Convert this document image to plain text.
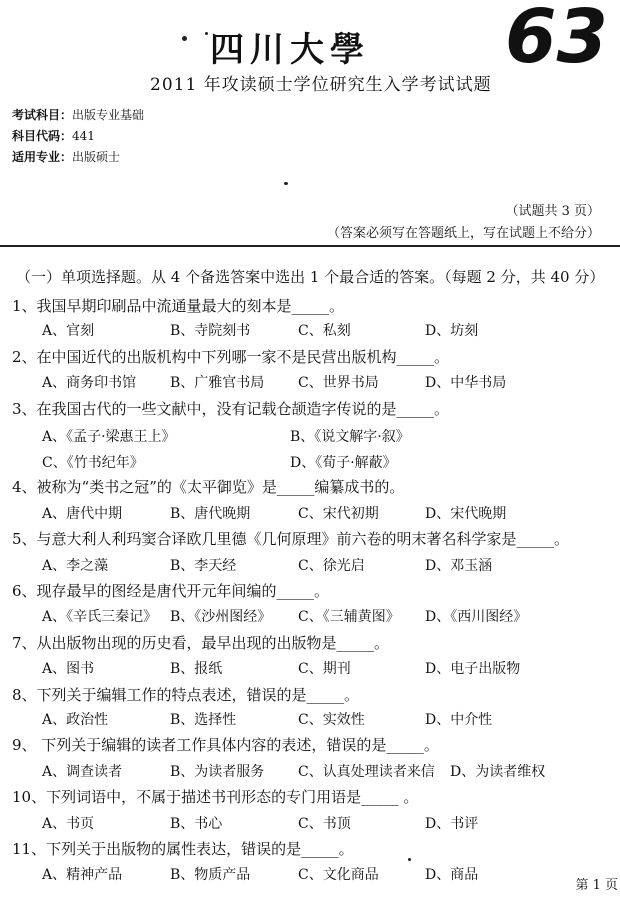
四川大學 63
2011 年攻读硕士学位研究生入学考试试题
考试科目：出版专业基础
科目代码：441
适用专业：出版硕士
（试题共 3 页）
（答案必须写在答题纸上，写在试题上不给分）
（一）单项选择题。从 4 个备选答案中选出 1 个最合适的答案。（每题 2 分，共 40 分）
1、我国早期印刷品中流通量最大的刻本是_____。
A、官刻	B、寺院刻书	C、私刻	D、坊刻
2、在中国近代的出版机构中下列哪一家不是民营出版机构_____。
A、商务印书馆 B、广雅官书局 C、世界书局	D、中华书局
3、在我国古代的一些文献中，没有记载仓颉造字传说的是_____。
A、《孟子·梁惠王上》	B、《说文解字·叙》
C、《竹书纪年》	D、《荀子·解蔽》
4、被称为“类书之冠”的《太平御览》是_____编纂成书的。
A、唐代中期	B、唐代晚期	C、宋代初期	D、宋代晚期
5、与意大利人利玛窦合译欧几里德《几何原理》前六卷的明末著名科学家是_____。
A、李之藻	B、李天经	C、徐光启	D、邓玉涵
6、现存最早的图经是唐代开元年间编的_____。
A、《辛氏三秦记》 B、《沙州图经》 C、《三辅黄图》 D、《西川图经》
7、从出版物出现的历史看，最早出现的出版物是_____。
A、图书	B、报纸	C、期刊	D、电子出版物
8、下列关于编辑工作的特点表述，错误的是_____。
A、政治性	B、选择性	C、实效性	D、中介性
9、 下列关于编辑的读者工作具体内容的表述，错误的是_____。
A、调查读者	B、为读者服务 C、认真处理读者来信 D、为读者维权
10、下列词语中，不属于描述书刊形态的专门用语是_____ 。
A、书页	B、书心	C、书顶	D、书评
11、下列关于出版物的属性表达，错误的是_____。
A、精神产品	B、物质产品	C、文化商品	D、商品
第 1 页
